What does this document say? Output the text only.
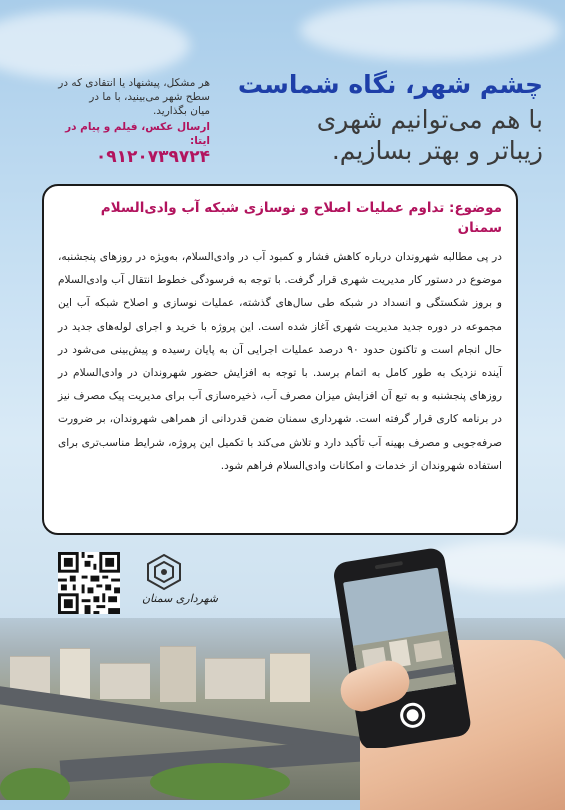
چشم شهر، نگاه شماست
با هم می‌توانیم شهری
زیباتر و بهتر بسازیم.
هر مشکل، پیشنهاد یا انتقادی که در
سطح شهر می‌بینید، با ما در
میان بگذارید.
ارسال عکس، فیلم و پیام در ایتا:
۰۹۱۲۰۷۳۹۷۲۴
موضوع: تداوم عملیات اصلاح و نوسازی شبکه آب وادی‌السلام سمنان
در پی مطالبه شهروندان درباره کاهش فشار و کمبود آب در وادی‌السلام، به‌ویژه در روزهای پنجشنبه، موضوع در دستور کار مدیریت شهری قرار گرفت. با توجه به فرسودگی خطوط انتقال آب وادی‌السلام و بروز شکستگی و انسداد در شبکه طی سال‌های گذشته، عملیات نوسازی و اصلاح شبکه آب این مجموعه در دوره جدید مدیریت شهری آغاز شده است. این پروژه با خرید و اجرای لوله‌های جدید در حال انجام است و تاکنون حدود ۹۰ درصد عملیات اجرایی آن به پایان رسیده و پیش‌بینی می‌شود در آینده نزدیک به طور کامل به اتمام برسد. با توجه به افزایش حضور شهروندان در وادی‌السلام در روزهای پنجشنبه و به تبع آن افزایش میزان مصرف آب، ذخیره‌سازی آب برای مدیریت پیک مصرف نیز در برنامه کاری قرار گرفته است. شهرداری سمنان ضمن قدردانی از همراهی شهروندان، بر ضرورت صرفه‌جویی و مصرف بهینه آب تأکید دارد و تلاش می‌کند با تکمیل این پروژه، شرایط مناسب‌تری برای استفاده شهروندان از خدمات و امکانات وادی‌السلام فراهم شود.
شهرداری سمنان
